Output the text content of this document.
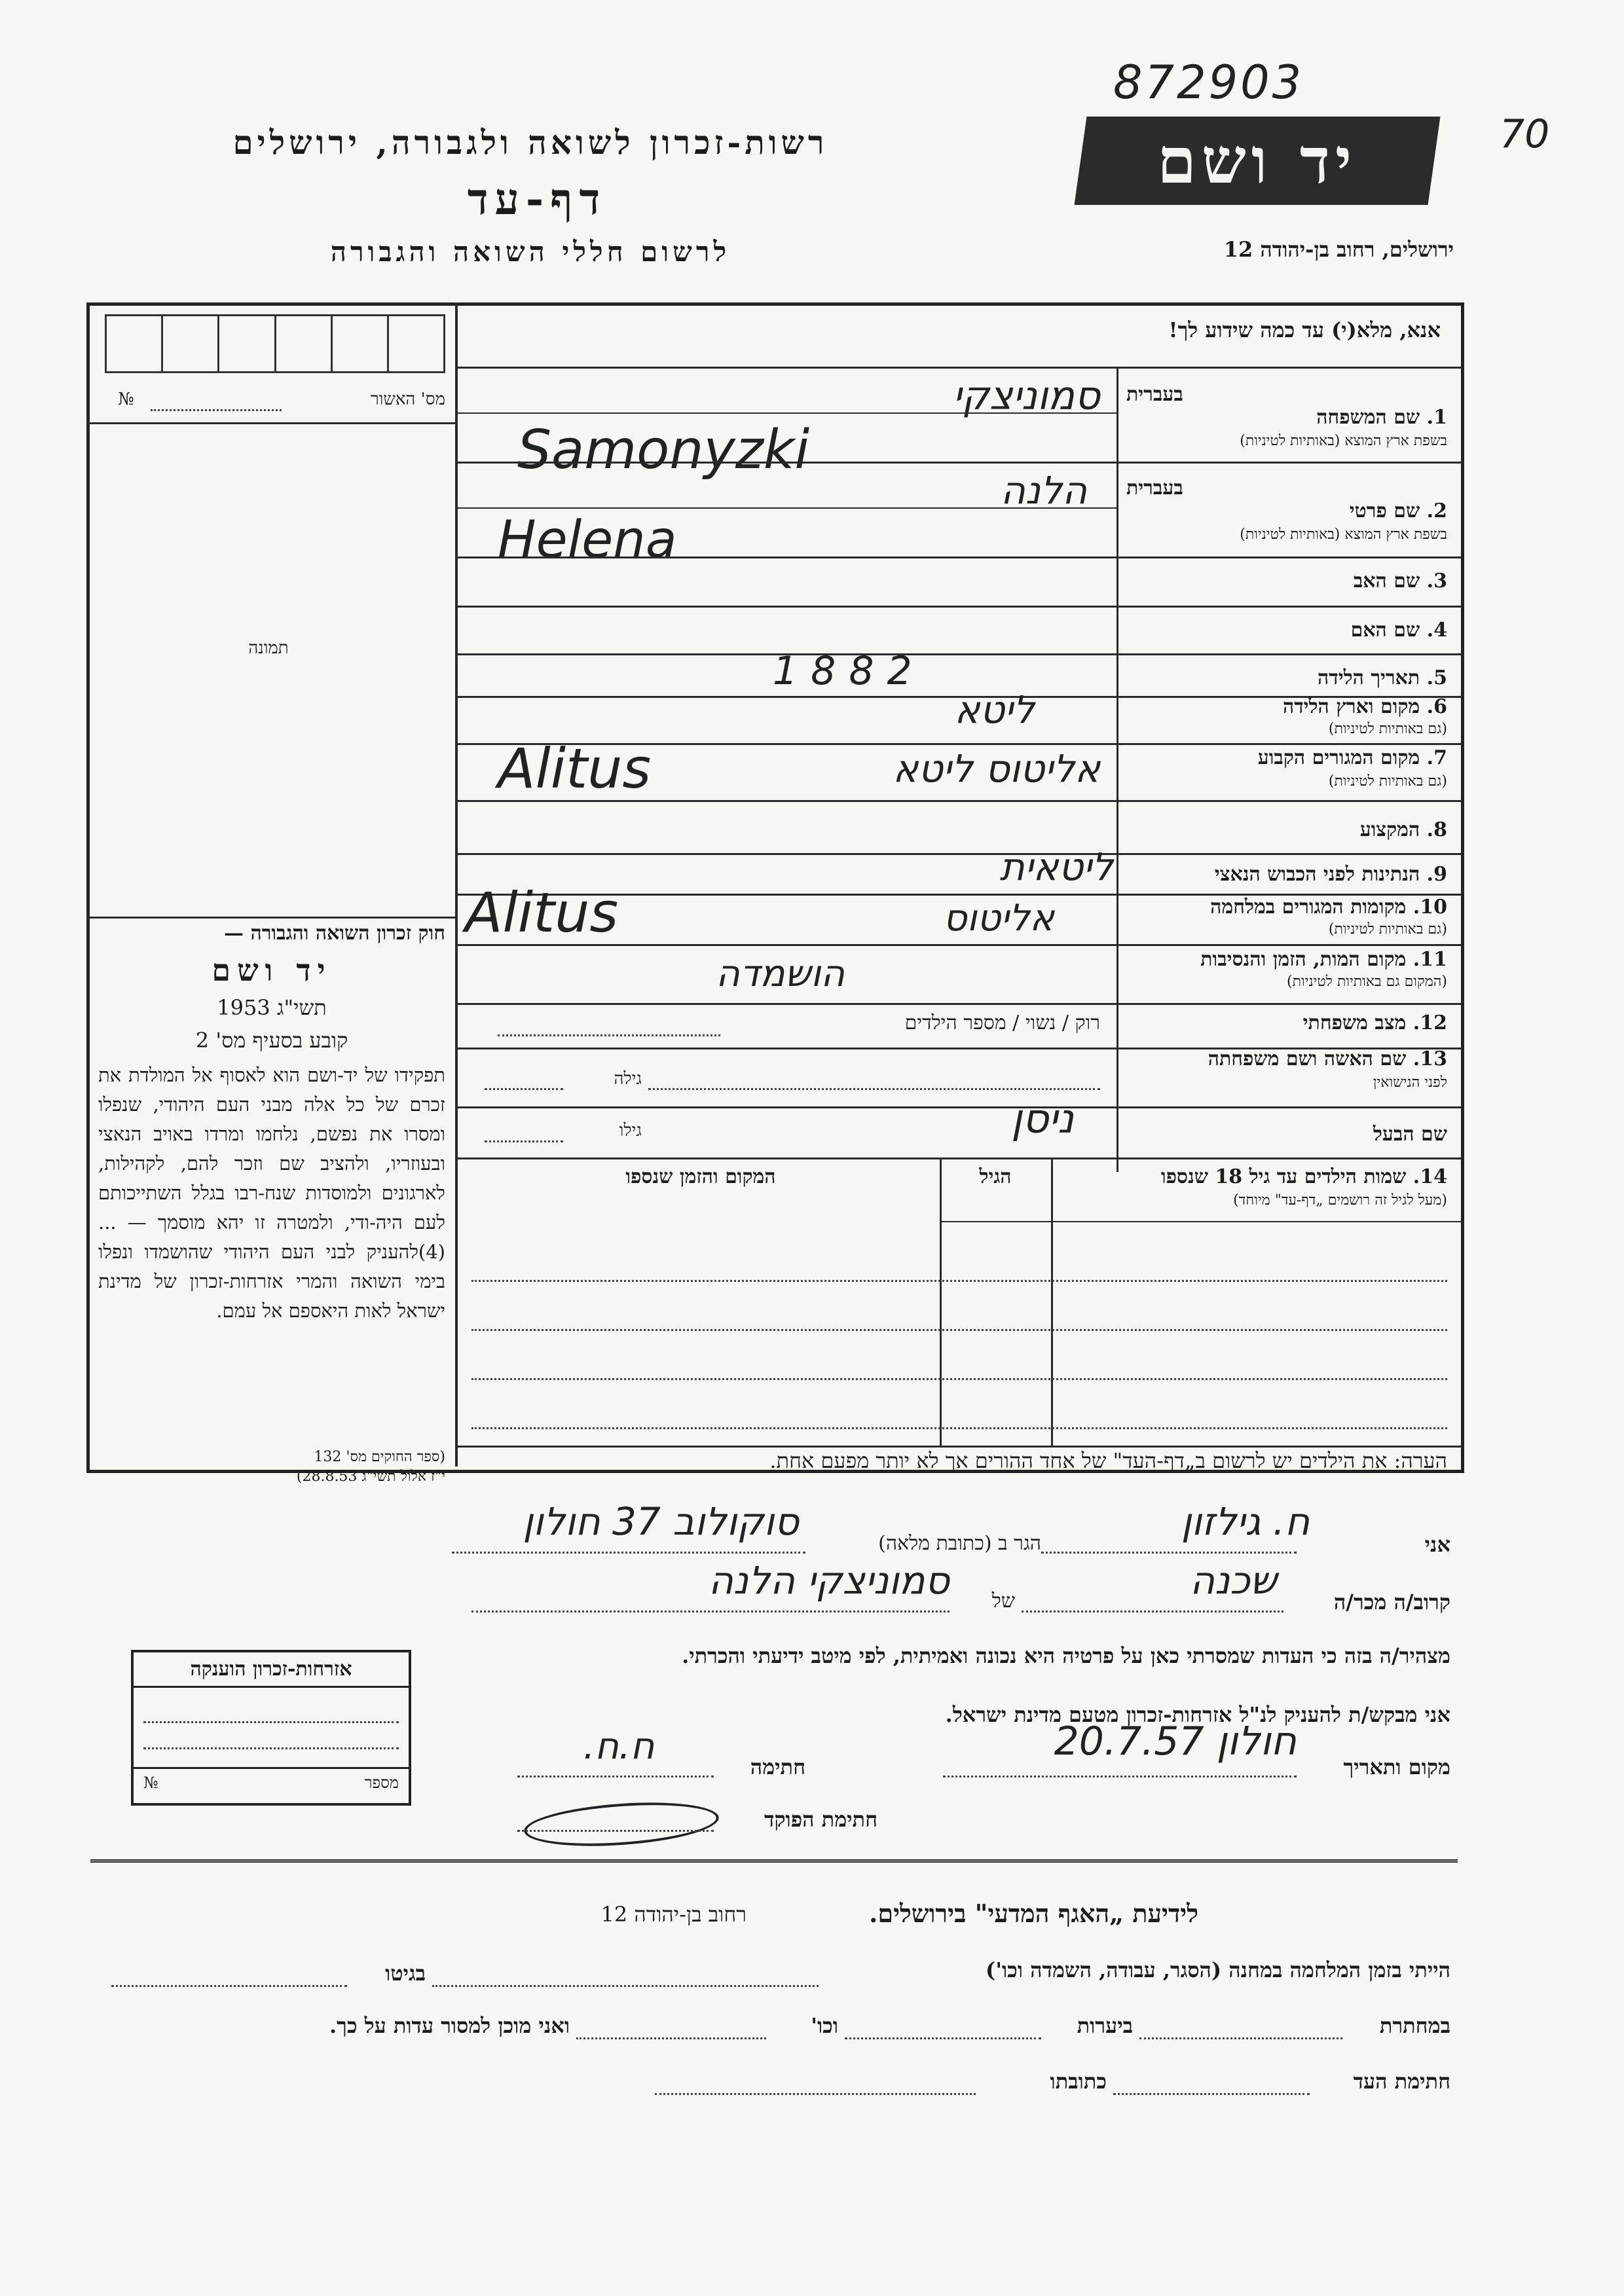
872903
70
רשות-זכרון לשואה ולגבורה, ירושלים
דף-עד
לרשום חללי השואה והגבורה
יד ושם
ירושלים, רחוב בן-יהודה 12
אנא, מלא(י) עד כמה שידוע לך!
מס' האשור
№
תמונה
בעברית
1. שם המשפחה
בשפת ארץ המוצא (באותיות לטיניות)
סמוניצקי
Samonyzki
בעברית
2. שם פרטי
בשפת ארץ המוצא (באותיות לטיניות)
הלנה
Helena
3. שם האב
4. שם האם
5. תאריך הלידה
1882
6. מקום וארץ הלידה
(גם באותיות לטיניות)
ליטא
7. מקום המגורים הקבוע
(גם באותיות לטיניות)
Alitus	אליטוס ליטא
8. המקצוע
9. הנתינות לפני הכבוש הנאצי
ליטאית
10. מקומות המגורים במלחמה
(גם באותיות לטיניות)
Alitus	אליטוס
11. מקום המות, הזמן והנסיבות
(המקום גם באותיות לטיניות)
הושמדה
12. מצב משפחתי
רוק / נשוי / מספר הילדים
13. שם האשה ושם משפחתה
לפני הנישואין
גילה
שם הבעל
גילו	ניסן
14. שמות הילדים עד גיל 18 שנספו
(מעל לגיל זה רושמים „דף-עד" מיוחד)
הגיל
המקום והזמן שנספו
הערה: את הילדים יש לרשום ב„דף-העד" של אחד ההורים אך לא יותר מפעם אחת.
חוק זכרון השואה והגבורה —
יד ושם
תשי"ג 1953
קובע בסעיף מס' 2
תפקידו של יד-ושם הוא לאסוף אל המולדת את זכרם של כל אלה מבני העם היהודי, שנפלו ומסרו את נפשם, נלחמו ומרדו באויב הנאצי ובעוזריו, ולהציב שם וזכר להם, לקהילות, לארגונים ולמוסדות שנח-רבו בגלל השתייכותם לעם היה-ודי, ולמטרה זו יהא מוסמך — ...(4)להעניק לבני העם היהודי שהושמדו ונפלו בימי השואה והמרי אזרחות-זכרון של מדינת ישראל לאות היאספם אל עמם.
(ספר החוקים מס' 132
י"ז אלול תשי"ג 28.8.53)
אני
ח. גילזון
הגר ב (כתובת מלאה)
סוקולוב 37 חולון
קרוב/ה מכר/ה
שכנה
של
סמוניצקי הלנה
מצהיר/ה בזה כי העדות שמסרתי כאן על פרטיה היא נכונה ואמיתית, לפי מיטב ידיעתי והכרתי.
אני מבקש/ת להעניק לנ"ל אזרחות-זכרון מטעם מדינת ישראל.
מקום ותאריך
חולון 20.7.57
חתימה
ח.ח.
חתימת הפוקד
אזרחות-זכרון הוענקה
מספר
№
לידיעת „האגף המדעי" בירושלים.
רחוב בן-יהודה 12
הייתי בזמן המלחמה במחנה (הסגר, עבודה, השמדה וכו')
בגיטו
במחתרת
ביערות
וכו'
ואני מוכן למסור עדות על כך.
חתימת העד
כתובתו
